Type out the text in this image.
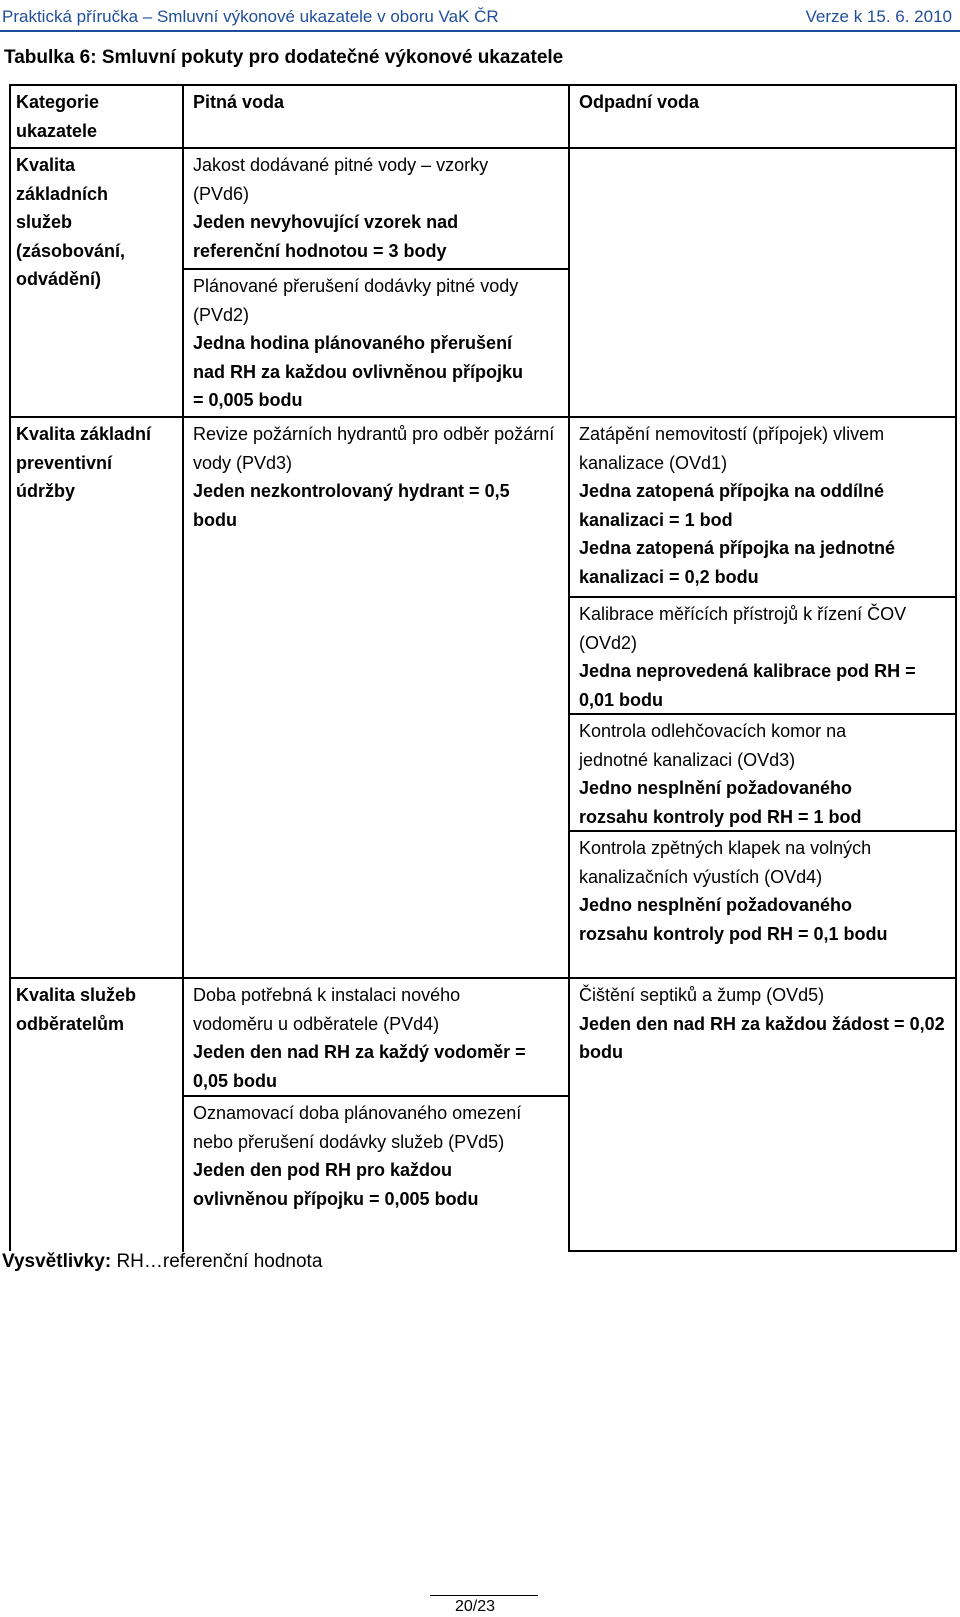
Praktická příručka – Smluvní výkonové ukazatele v oboru VaK ČR	Verze k 15. 6. 2010
Tabulka 6: Smluvní pokuty pro dodatečné výkonové ukazatele
Kategorie ukazatele
Pitná voda	Odpadní voda
Kvalita základních služeb (zásobování, odvádění)
Kvalita základní preventivní údržby
Kvalita služeb odběratelům
Jakost dodávané pitné vody – vzorky (PVd6)
Jeden nevyhovující vzorek nad referenční hodnotou = 3 body
Plánované přerušení dodávky pitné vody (PVd2)
Jedna hodina plánovaného přerušení nad RH za každou ovlivněnou přípojku = 0,005 bodu
Revize požárních hydrantů pro odběr požární vody (PVd3)
Jeden nezkontrolovaný hydrant = 0,5 bodu
Doba potřebná k instalaci nového vodoměru u odběratele (PVd4)
Jeden den nad RH za každý vodoměr = 0,05 bodu
Oznamovací doba plánovaného omezení nebo přerušení dodávky služeb (PVd5)
Jeden den pod RH pro každou ovlivněnou přípojku = 0,005 bodu
Zatápění nemovitostí (přípojek) vlivem kanalizace (OVd1)
Jedna zatopená přípojka na oddílné kanalizaci = 1 bod
Jedna zatopená přípojka na jednotné kanalizaci = 0,2 bodu
Kalibrace měřících přístrojů k řízení ČOV (OVd2)
Jedna neprovedená kalibrace pod RH = 0,01 bodu
Kontrola odlehčovacích komor na jednotné kanalizaci (OVd3)
Jedno nesplnění požadovaného rozsahu kontroly pod RH = 1 bod
Kontrola zpětných klapek na volných kanalizačních výustích (OVd4)
Jedno nesplnění požadovaného rozsahu kontroly pod RH = 0,1 bodu
Čištění septiků a žump (OVd5)
Jeden den nad RH za každou žádost = 0,02 bodu
Vysvětlivky: RH…referenční hodnota
20/23
